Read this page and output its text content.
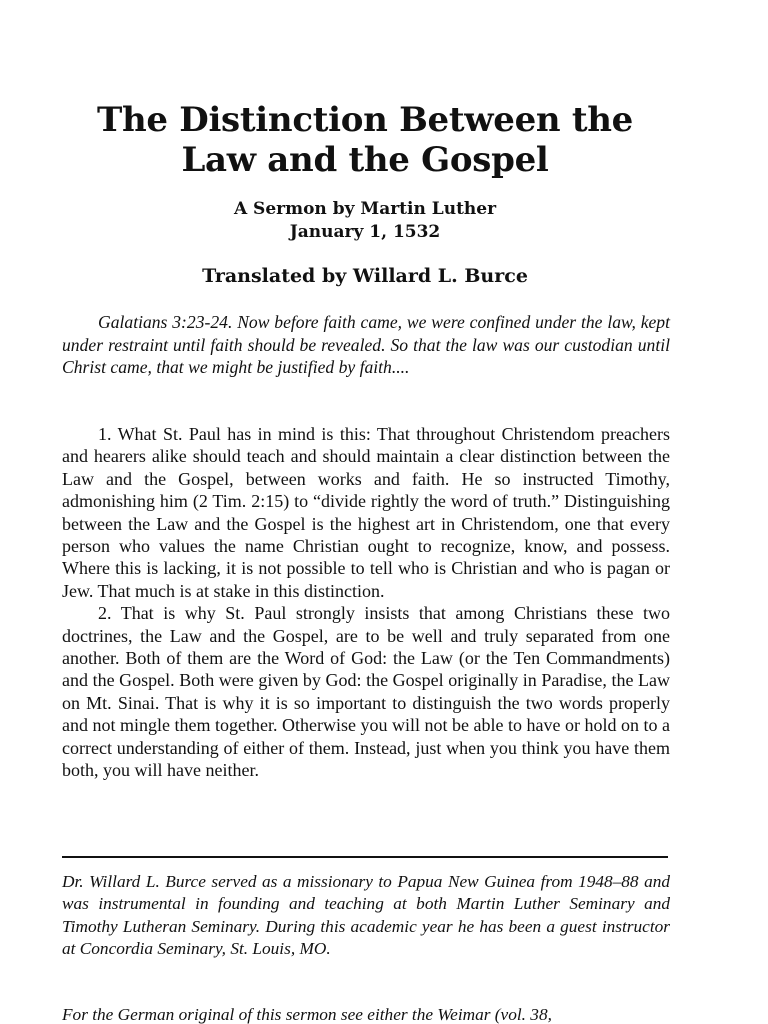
The Distinction Between the
Law and the Gospel
A Sermon by Martin Luther
January 1, 1532
Translated by Willard L. Burce

Galatians 3:23-24. Now before faith came, we were confined under the law, kept under restraint until faith should be revealed. So that the law was our custodian until Christ came, that we might be justified by faith....

1. What St. Paul has in mind is this: That throughout Christendom preachers and hearers alike should teach and should maintain a clear distinction between the Law and the Gospel, between works and faith. He so instructed Timothy, admonishing him (2 Tim. 2:15) to “divide rightly the word of truth.” Distinguishing between the Law and the Gospel is the highest art in Christendom, one that every person who values the name Christian ought to recognize, know, and possess. Where this is lacking, it is not possible to tell who is Christian and who is pagan or Jew. That much is at stake in this distinction.

2. That is why St. Paul strongly insists that among Christians these two doctrines, the Law and the Gospel, are to be well and truly separated from one another. Both of them are the Word of God: the Law (or the Ten Commandments) and the Gospel. Both were given by God: the Gospel originally in Paradise, the Law on Mt. Sinai. That is why it is so important to distinguish the two words properly and not mingle them together. Otherwise you will not be able to have or hold on to a correct understanding of either of them. Instead, just when you think you have them both, you will have neither.

Dr. Willard L. Burce served as a missionary to Papua New Guinea from 1948–88 and was instrumental in founding and teaching at both Martin Luther Seminary and Timothy Lutheran Seminary. During this academic year he has been a guest instructor at Concordia Seminary, St. Louis, MO.

For the German original of this sermon see either the Weimar (vol. 38,
